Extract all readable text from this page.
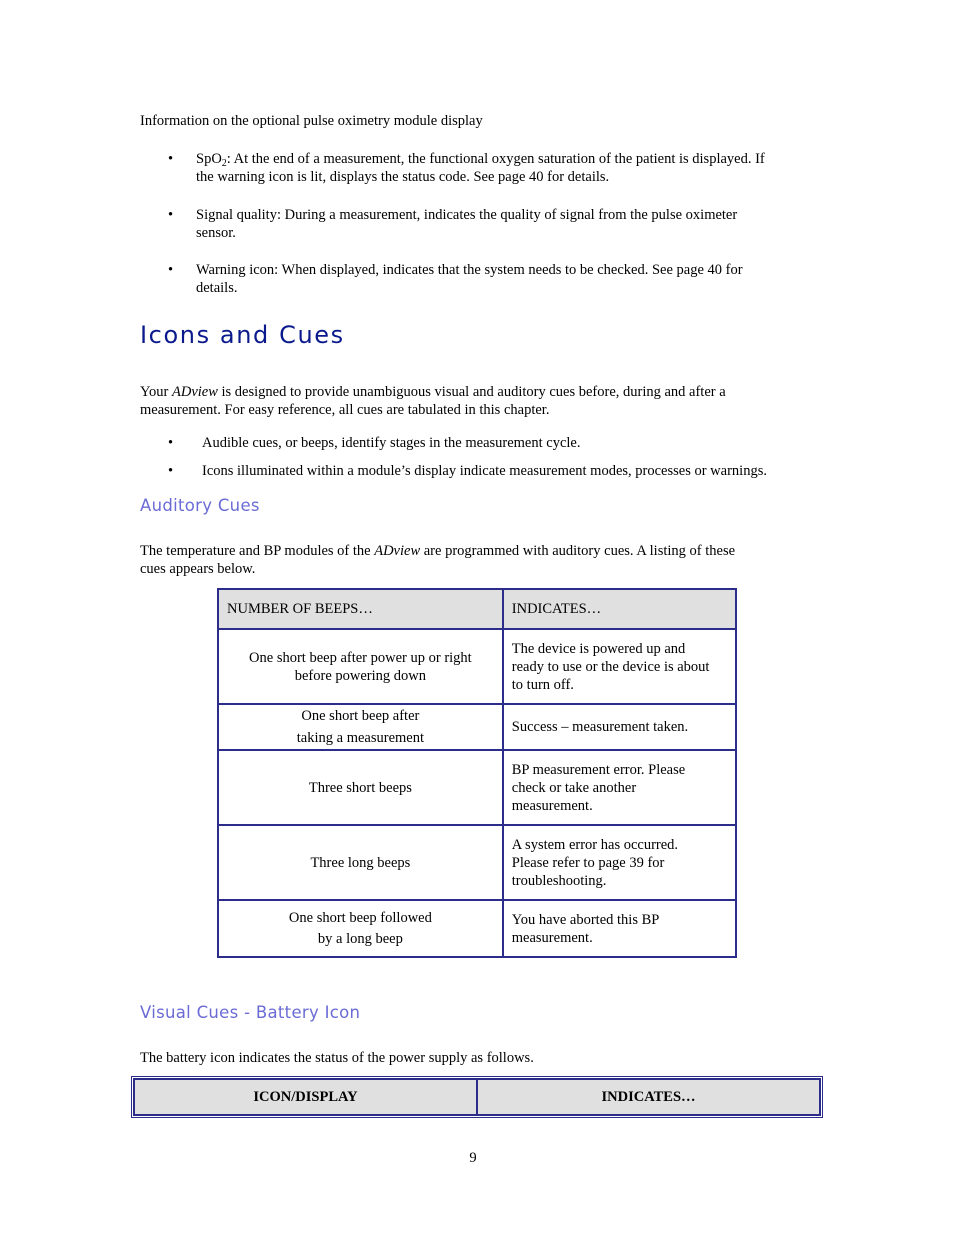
Information on the optional pulse oximetry module display
• SpO$_2$: At the end of a measurement, the functional oxygen saturation of the patient is displayed. If
the warning icon is lit, displays the status code. See page 40 for details.
• Signal quality: During a measurement, indicates the quality of signal from the pulse oximeter
sensor.
• Warning icon: When displayed, indicates that the system needs to be checked. See page 40 for
details.
Icons and Cues
Your ADview is designed to provide unambiguous visual and auditory cues before, during and after a
measurement. For easy reference, all cues are tabulated in this chapter.
• Audible cues, or beeps, identify stages in the measurement cycle.
• Icons illuminated within a module’s display indicate measurement modes, processes or warnings.
Auditory Cues
The temperature and BP modules of the ADview are programmed with auditory cues. A listing of these
cues appears below.
NUMBER OF BEEPS…	INDICATES…
One short beep after power up or right
before powering down	The device is powered up and
ready to use or the device is about
to turn off.
One short beep after
taking a measurement	Success – measurement taken.
Three short beeps	BP measurement error. Please
check or take another
measurement.
Three long beeps	A system error has occurred.
Please refer to page 39 for
troubleshooting.
One short beep followed
by a long beep	You have aborted this BP
measurement.
Visual Cues - Battery Icon
The battery icon indicates the status of the power supply as follows.
ICON/DISPLAY	INDICATES…
9
